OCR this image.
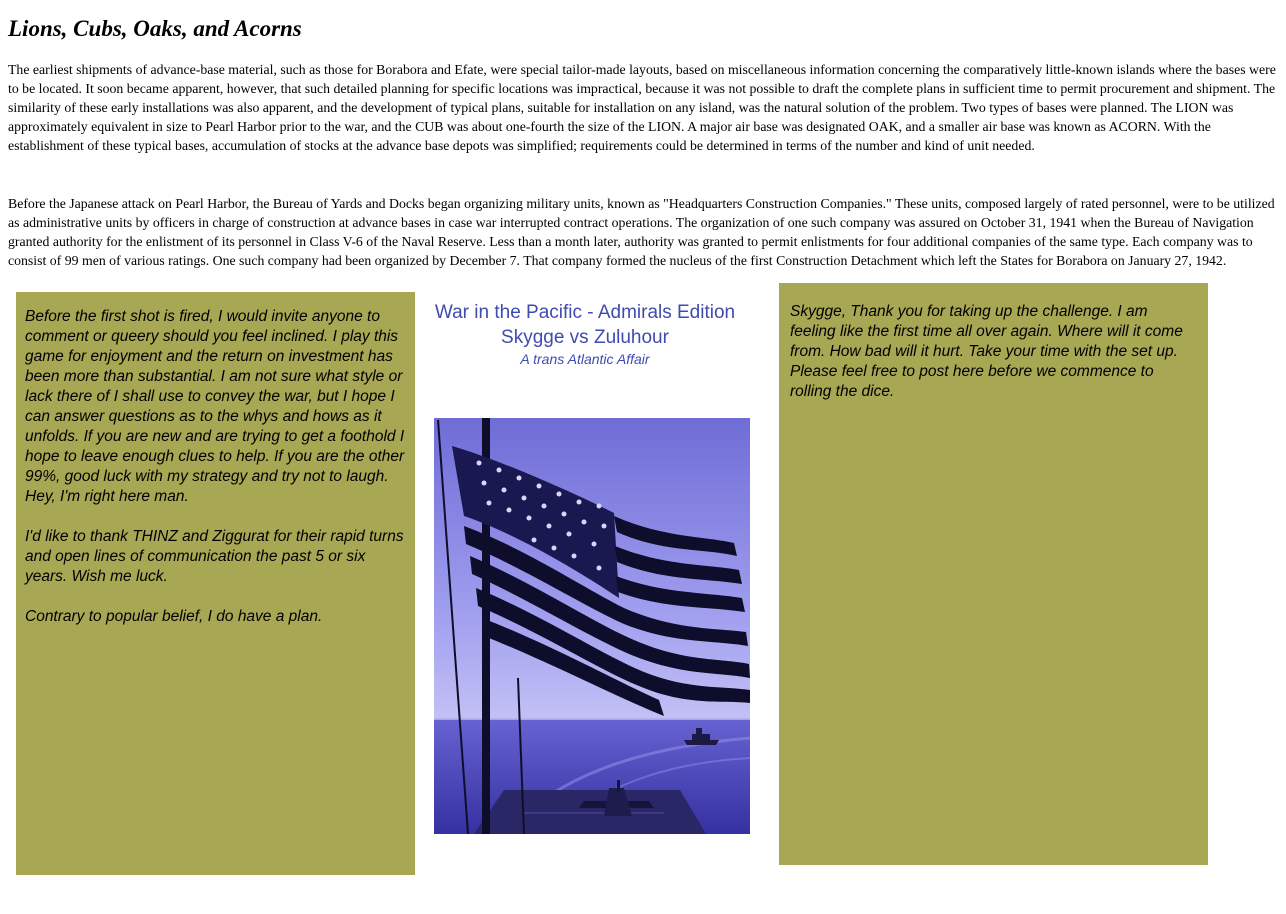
Lions, Cubs, Oaks, and Acorns

The earliest shipments of advance-base material, such as those for Borabora and Efate, were special tailor-made layouts, based on miscellaneous information concerning the comparatively little-known islands where the bases were to be located. It soon became apparent, however, that such detailed planning for specific locations was impractical, because it was not possible to draft the complete plans in sufficient time to permit procurement and shipment. The similarity of these early installations was also apparent, and the development of typical plans, suitable for installation on any island, was the natural solution of the problem. Two types of bases were planned. The LION was approximately equivalent in size to Pearl Harbor prior to the war, and the CUB was about one-fourth the size of the LION. A major air base was designated OAK, and a smaller air base was known as ACORN. With the establishment of these typical bases, accumulation of stocks at the advance base depots was simplified; requirements could be determined in terms of the number and kind of unit needed.

Before the Japanese attack on Pearl Harbor, the Bureau of Yards and Docks began organizing military units, known as "Headquarters Construction Companies." These units, composed largely of rated personnel, were to be utilized as administrative units by officers in charge of construction at advance bases in case war interrupted contract operations. The organization of one such company was assured on October 31, 1941 when the Bureau of Navigation granted authority for the enlistment of its personnel in Class V-6 of the Naval Reserve. Less than a month later, authority was granted to permit enlistments for four additional companies of the same type. Each company was to consist of 99 men of various ratings. One such company had been organized by December 7. That company formed the nucleus of the first Construction Detachment which left the States for Borabora on January 27, 1942.

Before the first shot is fired, I would invite anyone to comment or queery should you feel inclined. I play this game for enjoyment and the return on investment has been more than substantial. I am not sure what style or lack there of I shall use to convey the war, but I hope I can answer questions as to the whys and hows as it unfolds. If you are new and are trying to get a foothold I hope to leave enough clues to help. If you are the other 99%, good luck with my strategy and try not to laugh. Hey, I'm right here man.

I'd like to thank THINZ and Ziggurat for their rapid turns and open lines of communication the past 5 or six years. Wish me luck.

Contrary to popular belief, I do have a plan.

War in the Pacific - Admirals Edition
Skygge vs Zuluhour
A trans Atlantic Affair

Skygge, Thank you for taking up the challenge. I am feeling like the first time all over again. Where will it come from. How bad will it hurt. Take your time with the set up. Please feel free to post here before we commence to rolling the dice.
